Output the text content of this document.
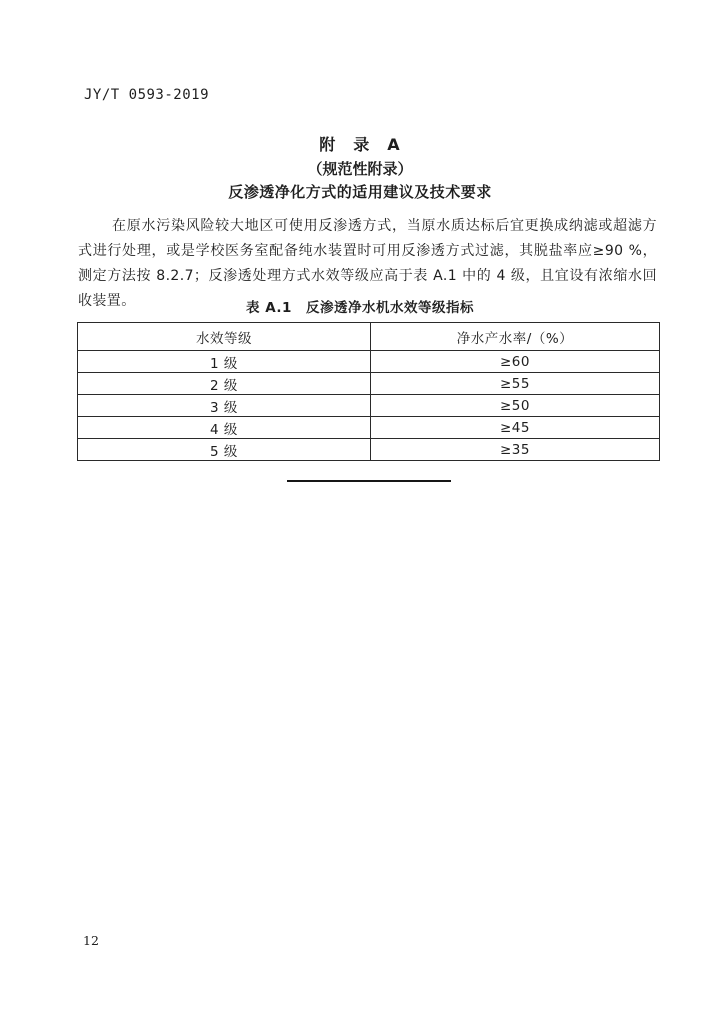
JY/T 0593-2019
附　录　A
（规范性附录）
反渗透净化方式的适用建议及技术要求
在原水污染风险较大地区可使用反渗透方式，当原水质达标后宜更换成纳滤或超滤方式进行处理，或是学校医务室配备纯水装置时可用反渗透方式过滤，其脱盐率应≥90 %，测定方法按 8.2.7；反渗透处理方式水效等级应高于表 A.1 中的 4 级，且宜设有浓缩水回收装置。	表 A.1　反渗透净水机水效等级指标
水效等级	净水产水率/（%）
1 级	≥60
2 级	≥55
3 级	≥50
4 级	≥45
5 级	≥35
12
